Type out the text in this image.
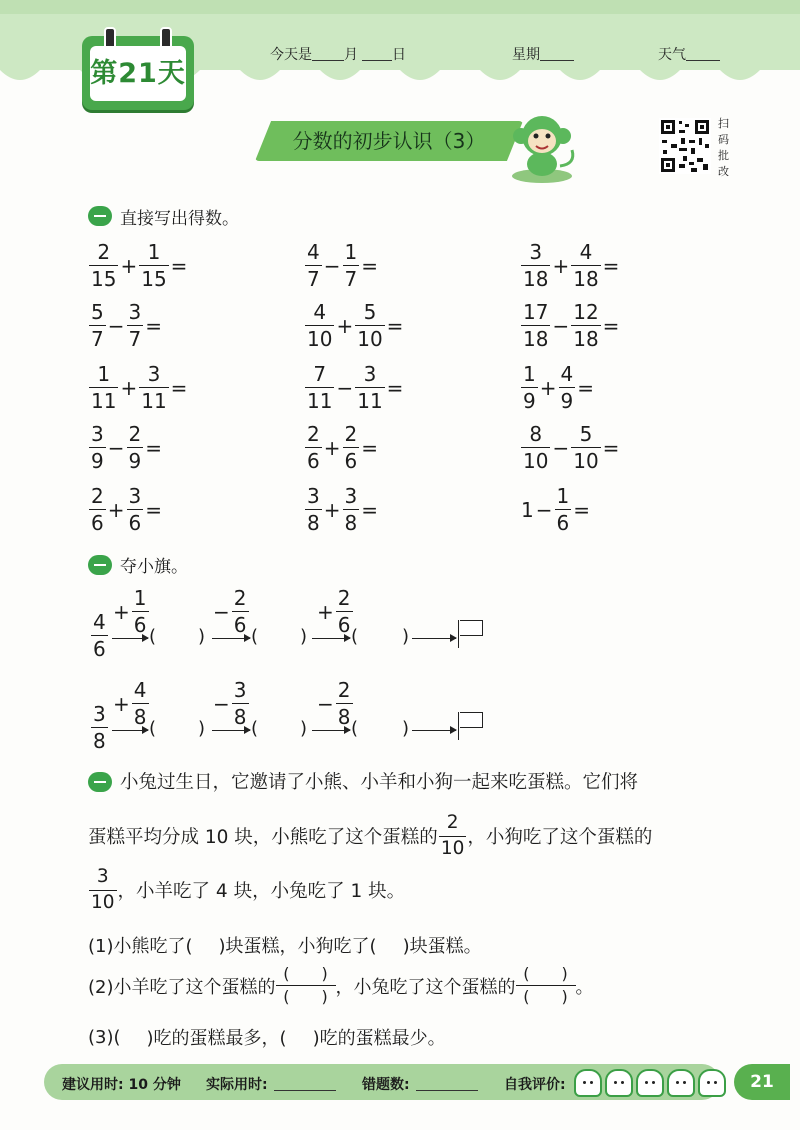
第21天
今天是 月 日	星期	天气
分数的初步认识（3）
扫
码
批
改
直接写出得数。
$\frac{2}{15} + \frac{1}{15}$ =	$\frac{4}{7} - \frac{1}{7}$ =	$\frac{3}{18} + \frac{4}{18}$ =
$\frac{5}{7} - \frac{3}{7}$ =	$\frac{4}{10} + \frac{5}{10}$ =	$\frac{17}{18} - \frac{12}{18}$ =
$\frac{1}{11} + \frac{3}{11}$ =	$\frac{7}{11} - \frac{3}{11}$ =	$\frac{1}{9} + \frac{4}{9}$ =
$\frac{3}{9} - \frac{2}{9}$ =	$\frac{2}{6} + \frac{2}{6}$ =	$\frac{8}{10} - \frac{5}{10}$ =
$\frac{2}{6} + \frac{3}{6}$ =	$\frac{3}{8} + \frac{3}{8}$ =	$1 - \frac{1}{6}$ =
夺小旗。
$\frac{4}{6}$
+ $\frac{1}{6}$	− $\frac{2}{6}$	+ $\frac{2}{6}$
(	(	(
)	)	)
$\frac{3}{8}$
+ $\frac{4}{8}$	− $\frac{3}{8}$	− $\frac{2}{8}$
(	(	(
)	)	)
小兔过生日，它邀请了小熊、小羊和小狗一起来吃蛋糕。它们将
蛋糕平均分成 10 块，小熊吃了这个蛋糕的 $\frac{2}{10}$ ，小狗吃了这个蛋糕的
$\frac{3}{10}$ ，小羊吃了 4 块，小兔吃了 1 块。
(1)小熊吃了( )块蛋糕，小狗吃了( )块蛋糕。
(2)小羊吃了这个蛋糕的
(　　)
(　　) ，小兔吃了这个蛋糕的
(　　)
(　　) 。
(3)( )吃的蛋糕最多，( )吃的蛋糕最少。
建议用时: 10 分钟 实际用时:	错题数:	自我评价:	21
